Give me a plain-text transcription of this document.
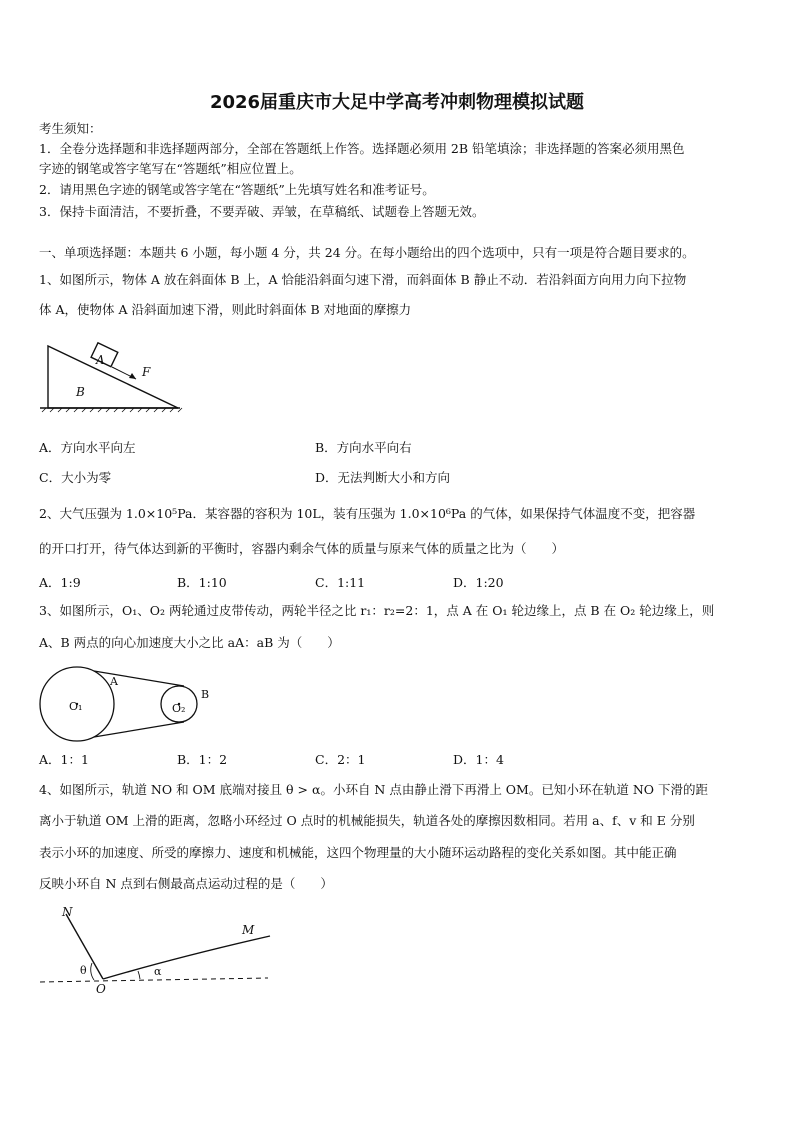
2026届重庆市大足中学高考冲刺物理模拟试题
考生须知：
1．全卷分选择题和非选择题两部分，全部在答题纸上作答。选择题必须用 2B 铅笔填涂；非选择题的答案必须用黑色
字迹的钢笔或答字笔写在“答题纸”相应位置上。
2．请用黑色字迹的钢笔或答字笔在“答题纸”上先填写姓名和准考证号。
3．保持卡面清洁，不要折叠，不要弄破、弄皱，在草稿纸、试题卷上答题无效。
一、单项选择题：本题共 6 小题，每小题 4 分，共 24 分。在每小题给出的四个选项中，只有一项是符合题目要求的。
1、如图所示，物体 A 放在斜面体 B 上，A 恰能沿斜面匀速下滑，而斜面体 B 静止不动．若沿斜面方向用力向下拉物
体 A，使物体 A 沿斜面加速下滑，则此时斜面体 B 对地面的摩擦力
A
F
B
A．方向水平向左	B．方向水平向右
C．大小为零	D．无法判断大小和方向
2、大气压强为 1.0×10⁵Pa．某容器的容积为 10L，装有压强为 1.0×10⁶Pa 的气体，如果保持气体温度不变，把容器
的开口打开，待气体达到新的平衡时，容器内剩余气体的质量与原来气体的质量之比为（　　）
A．1:9	B．1:10	C．1:11	D．1:20
3、如图所示，O₁、O₂ 两轮通过皮带传动，两轮半径之比 r₁：r₂=2：1，点 A 在 O₁ 轮边缘上，点 B 在 O₂ 轮边缘上，则
A、B 两点的向心加速度大小之比 aA：aB 为（　　）
O₁	O₂
A
B
A．1：1	B．1：2	C．2：1	D．1：4
4、如图所示，轨道 NO 和 OM 底端对接且 θ > α。小环自 N 点由静止滑下再滑上 OM。已知小环在轨道 NO 下滑的距
离小于轨道 OM 上滑的距离，忽略小环经过 O 点时的机械能损失，轨道各处的摩擦因数相同。若用 a、f、v 和 E 分别
表示小环的加速度、所受的摩擦力、速度和机械能，这四个物理量的大小随环运动路程的变化关系如图。其中能正确
反映小环自 N 点到右侧最高点运动过程的是（　　）
N
M
O
θ	α
